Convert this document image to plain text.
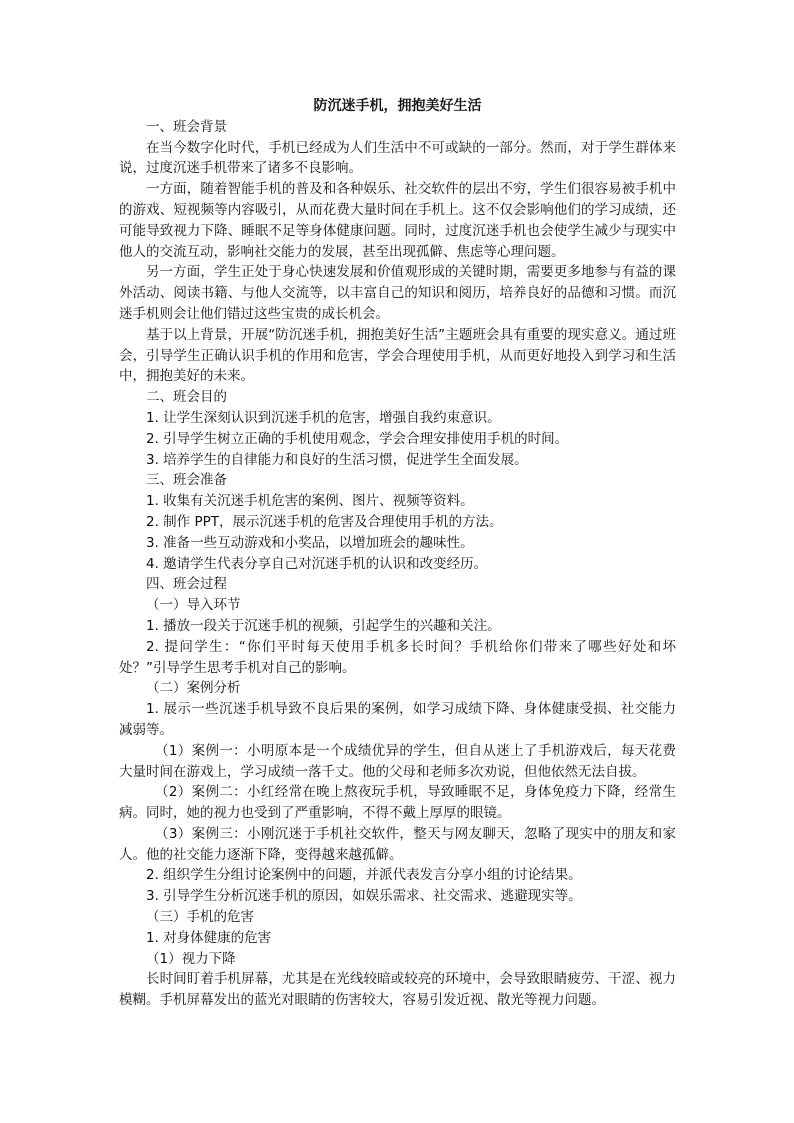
防沉迷手机，拥抱美好生活

一、班会背景

在当今数字化时代，手机已经成为人们生活中不可或缺的一部分。然而，对于学生群体来说，过度沉迷手机带来了诸多不良影响。

一方面，随着智能手机的普及和各种娱乐、社交软件的层出不穷，学生们很容易被手机中的游戏、短视频等内容吸引，从而花费大量时间在手机上。这不仅会影响他们的学习成绩，还可能导致视力下降、睡眠不足等身体健康问题。同时，过度沉迷手机也会使学生减少与现实中他人的交流互动，影响社交能力的发展，甚至出现孤僻、焦虑等心理问题。

另一方面，学生正处于身心快速发展和价值观形成的关键时期，需要更多地参与有益的课外活动、阅读书籍、与他人交流等，以丰富自己的知识和阅历，培养良好的品德和习惯。而沉迷手机则会让他们错过这些宝贵的成长机会。

基于以上背景，开展“防沉迷手机，拥抱美好生活”主题班会具有重要的现实意义。通过班会，引导学生正确认识手机的作用和危害，学会合理使用手机，从而更好地投入到学习和生活中，拥抱美好的未来。

二、班会目的

1. 让学生深刻认识到沉迷手机的危害，增强自我约束意识。

2. 引导学生树立正确的手机使用观念，学会合理安排使用手机的时间。

3. 培养学生的自律能力和良好的生活习惯，促进学生全面发展。

三、班会准备

1. 收集有关沉迷手机危害的案例、图片、视频等资料。

2. 制作 PPT，展示沉迷手机的危害及合理使用手机的方法。

3. 准备一些互动游戏和小奖品，以增加班会的趣味性。

4. 邀请学生代表分享自己对沉迷手机的认识和改变经历。

四、班会过程

（一）导入环节

1. 播放一段关于沉迷手机的视频，引起学生的兴趣和关注。

2. 提问学生：“你们平时每天使用手机多长时间？手机给你们带来了哪些好处和坏处？”引导学生思考手机对自己的影响。

（二）案例分析

1. 展示一些沉迷手机导致不良后果的案例，如学习成绩下降、身体健康受损、社交能力减弱等。

（1）案例一：小明原本是一个成绩优异的学生，但自从迷上了手机游戏后，每天花费大量时间在游戏上，学习成绩一落千丈。他的父母和老师多次劝说，但他依然无法自拔。

（2）案例二：小红经常在晚上熬夜玩手机，导致睡眠不足，身体免疫力下降，经常生病。同时，她的视力也受到了严重影响，不得不戴上厚厚的眼镜。

（3）案例三：小刚沉迷于手机社交软件，整天与网友聊天，忽略了现实中的朋友和家人。他的社交能力逐渐下降，变得越来越孤僻。

2. 组织学生分组讨论案例中的问题，并派代表发言分享小组的讨论结果。

3. 引导学生分析沉迷手机的原因，如娱乐需求、社交需求、逃避现实等。

（三）手机的危害

1. 对身体健康的危害

（1）视力下降

长时间盯着手机屏幕，尤其是在光线较暗或较亮的环境中，会导致眼睛疲劳、干涩、视力模糊。手机屏幕发出的蓝光对眼睛的伤害较大，容易引发近视、散光等视力问题。
